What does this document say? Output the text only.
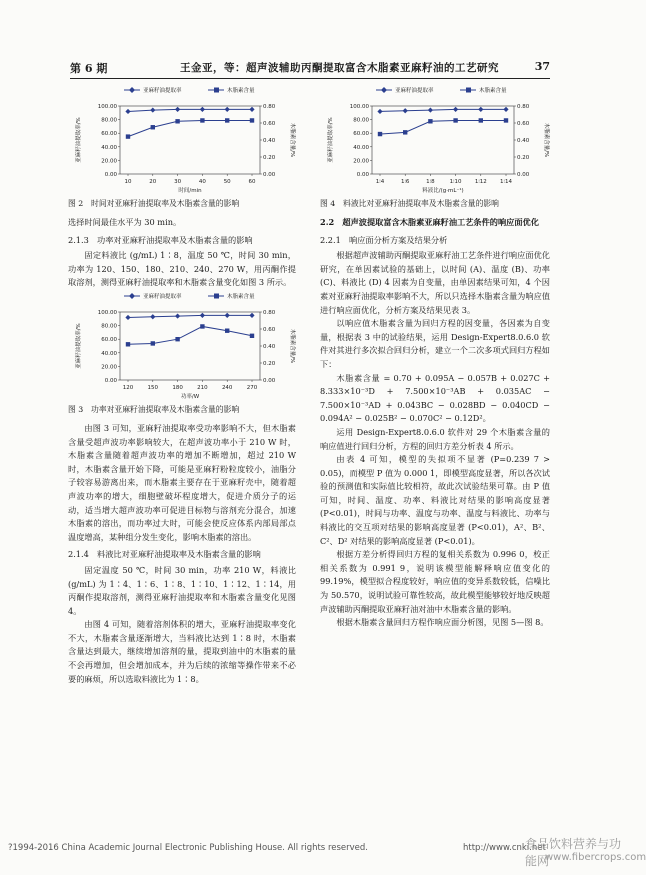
第 6 期	王金亚，等：超声波辅助丙酮提取富含木脂素亚麻籽油的工艺研究	37
亚麻籽油提取率	木脂素含量
0.00
20.00
40.00
60.00
80.00
100.00
0.00
0.20
0.40
0.60
0.80
10	20	30	40	50	60
时间/min
亚麻籽油提取率/%	木脂素含量/%
图 2　时间对亚麻籽油提取率及木脂素含量的影响

选择时间最佳水平为 30 min。

2.1.3　功率对亚麻籽油提取率及木脂素含量的影响

固定料液比 (g/mL) 1∶8，温度 50 ℃，时间 30 min，功率为 120、150、180、210、240、270 W，用丙酮作提取溶剂，测得亚麻籽油提取率和木脂素含量变化如图 3 所示。

亚麻籽油提取率	木脂素含量
0.00
20.00
40.00
60.00
80.00
100.00
0.00
0.20
0.40
0.60
0.80
120	150	180	210	240	270
功率/W
亚麻籽油提取率/%	木脂素含量/%
图 3　功率对亚麻籽油提取率及木脂素含量的影响

由图 3 可知，亚麻籽油提取率受功率影响不大，但木脂素含量受超声波功率影响较大，在超声波功率小于 210 W 时，木脂素含量随着超声波功率的增加不断增加，超过 210 W 时，木脂素含量开始下降，可能是亚麻籽粉粒度较小，油脂分子较容易游离出来，而木脂素主要存在于亚麻籽壳中，随着超声波功率的增大，细胞壁破坏程度增大，促进介质分子的运动，适当增大超声波功率可促进目标物与溶剂充分混合，加速木脂素的溶出，而功率过大时，可能会使反应体系内部局部点温度增高，某种组分发生变化，影响木脂素的溶出。

2.1.4　料液比对亚麻籽油提取率及木脂素含量的影响

固定温度 50 ℃，时间 30 min，功率 210 W，料液比 (g/mL) 为 1∶4、1∶6、1∶8、1∶10、1∶12、1∶14，用丙酮作提取溶剂，测得亚麻籽油提取率和木脂素含量变化见图 4。

由图 4 可知，随着溶剂体积的增大，亚麻籽油提取率变化不大，木脂素含量逐渐增大，当料液比达到 1∶8 时，木脂素含量达到最大，继续增加溶剂的量，提取到油中的木脂素的量不会再增加，但会增加成本，并为后续的浓缩等操作带来不必要的麻烦，所以选取料液比为 1∶8。

亚麻籽油提取率	木脂素含量
0.00
20.00
40.00
60.00
80.00
100.00
0.00
0.20
0.40
0.60
0.80
1∶4	1∶6	1∶8	1∶10 1∶12 1∶14
料液比/(g·mL⁻¹)
亚麻籽油提取率/%	木脂素含量/%
图 4　料液比对亚麻籽油提取率及木脂素含量的影响
2.2　超声波提取富含木脂素亚麻籽油工艺条件的响应面优化
2.2.1　响应面分析方案及结果分析

根据超声波辅助丙酮提取亚麻籽油工艺条件进行响应面优化研究，在单因素试验的基础上，以时间 (A)、温度 (B)、功率 (C)、料液比 (D) 4 因素为自变量，由单因素结果可知，4 个因素对亚麻籽油提取率影响不大，所以只选择木脂素含量为响应值进行响应面优化，分析方案及结果见表 3。

以响应值木脂素含量为回归方程的因变量，各因素为自变量，根据表 3 中的试验结果，运用 Design-Expert8.0.6.0 软件对其进行多次拟合回归分析，建立一个二次多项式回归方程如下：

木脂素含量 = 0.70 + 0.095A − 0.057B + 0.027C + 8.333×10⁻³D + 7.500×10⁻³AB + 0.035AC − 7.500×10⁻³AD + 0.043BC − 0.028BD − 0.040CD − 0.094A² − 0.025B² − 0.070C² − 0.12D²。

运用 Design-Expert8.0.6.0 软件对 29 个木脂素含量的响应值进行回归分析，方程的回归方差分析表 4 所示。

由表 4 可知，模型的失拟项不显著 (P=0.239 7 > 0.05)，而模型 P 值为 0.000 1，即模型高度显著，所以各次试验的预测值和实际值比较相符，故此次试验结果可靠。由 P 值可知，时间、温度、功率、料液比对结果的影响高度显著 (P<0.01)，时间与功率、温度与功率、温度与料液比、功率与料液比的交互项对结果的影响高度显著 (P<0.01)，A²、B²、C²、D² 对结果的影响高度显著 (P<0.01)。

根据方差分析得回归方程的复相关系数为 0.996 0，校正相关系数为 0.991 9，说明该模型能解释响应值变化的 99.19%，模型拟合程度较好，响应值的变异系数较低，信噪比为 50.570，说明试验可靠性较高，故此模型能够较好地反映超声波辅助丙酮提取亚麻籽油对油中木脂素含量的影响。

根据木脂素含量回归方程作响应面分析图，见图 5—图 8。

?1994-2016 China Academic Journal Electronic Publishing House. All rights reserved.	http://www.cnki.net
食品饮料营养与功能网
www.fibercrops.com
